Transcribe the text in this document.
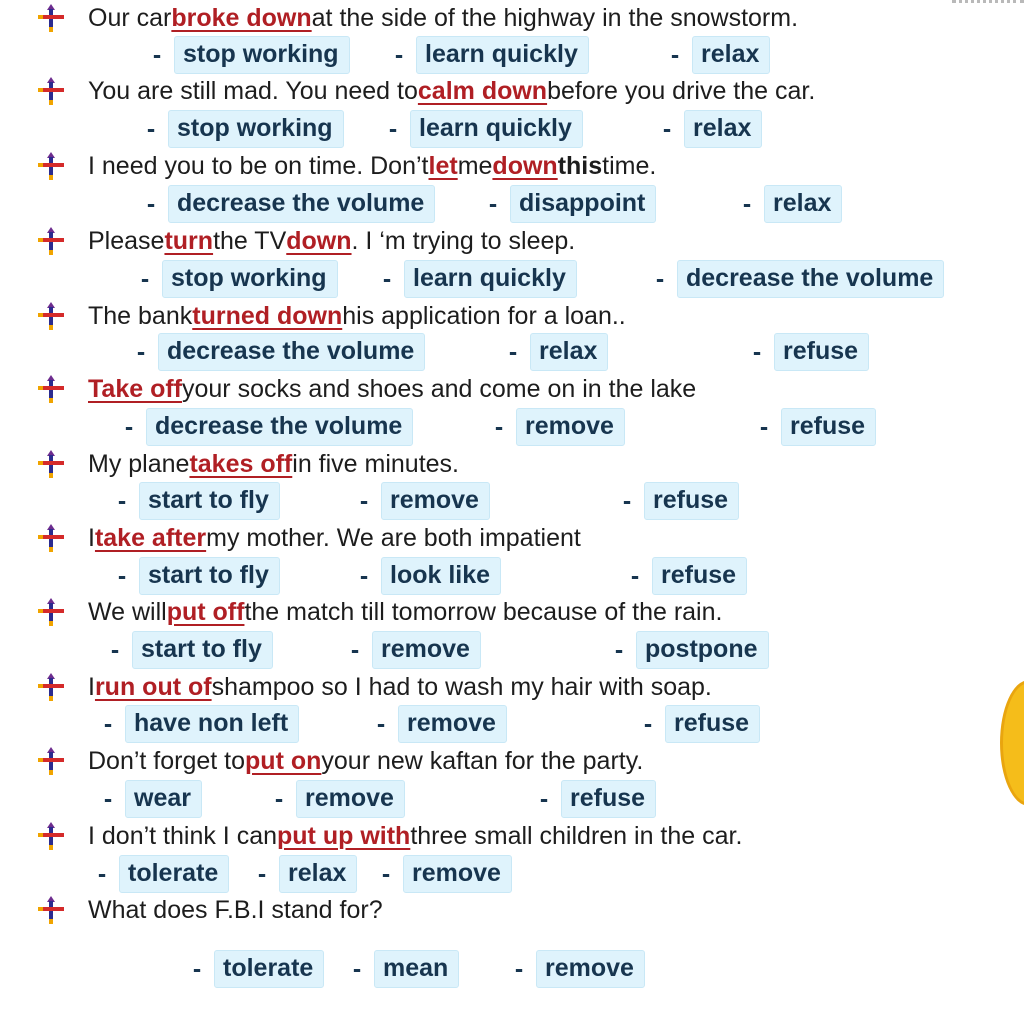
Our car broke down at the side of the highway in the snowstorm.
- stop working	- learn quickly	- relax
You are still mad. You need to calm down before you drive the car.
- stop working	- learn quickly	- relax
I need you to be on time. Don’t let me down this time.
- decrease the volume	- disappoint	- relax
Please turn the TV down . I ‘m trying to sleep.
- stop working	- learn quickly	- decrease the volume
The bank turned down his application for a loan..
- decrease the volume	- relax	- refuse
Take off your socks and shoes and come on in the lake
- decrease the volume	- remove	- refuse
My plane takes off in five minutes.
- start to fly	- remove	- refuse
I take after my mother. We are both impatient
- start to fly	- look like	- refuse
We will put off the match till tomorrow because of the rain.
- start to fly	- remove	- postpone
I run out of shampoo so I had to wash my hair with soap.
- have non left	- remove	- refuse
Don’t forget to put on your new kaftan for the party.
- wear	- remove	- refuse
I don’t think I can put up with three small children in the car.
- tolerate	- relax	- remove
What does F.B.I stand for?
- tolerate	- mean	- remove
